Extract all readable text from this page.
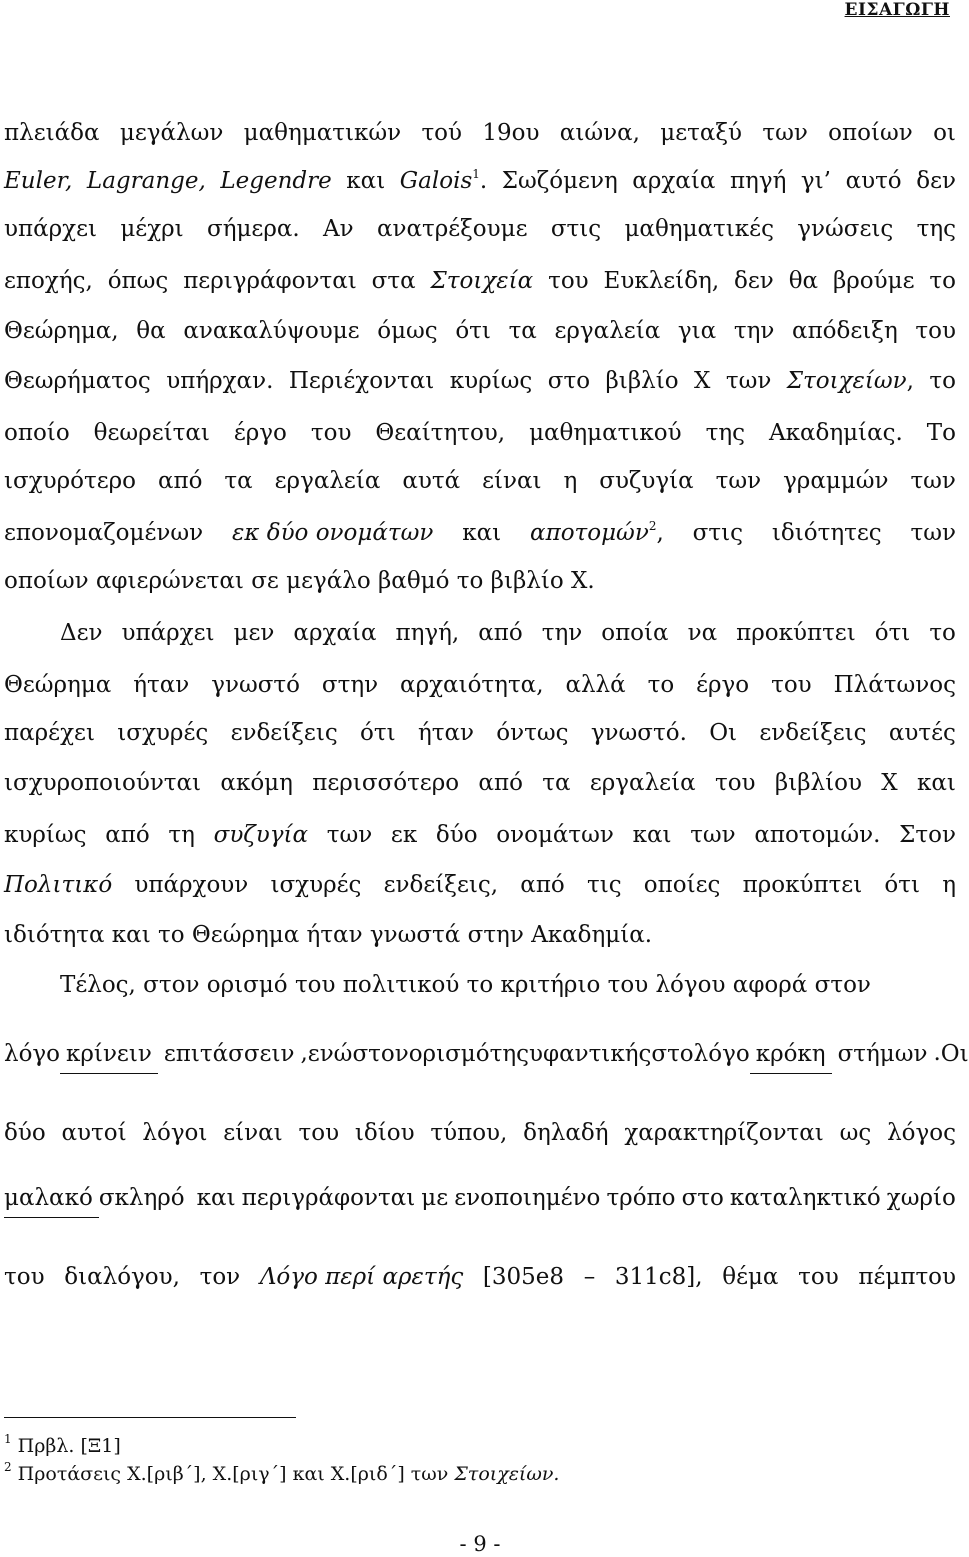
ΕΙΣΑΓΩΓΗ
πλειάδα μεγάλων μαθηματικών τού 19ου αιώνα, μεταξύ των οποίων οι
Euler, Lagrange, Legendre και Galois$^1$. Σωζόμενη αρχαία πηγή γι’ αυτό δεν
υπάρχει μέχρι σήμερα. Αν ανατρέξουμε στις μαθηματικές γνώσεις της
εποχής, όπως περιγράφονται στα Στοιχεία του Ευκλείδη, δεν θα βρούμε το
Θεώρημα, θα ανακαλύψουμε όμως ότι τα εργαλεία για την απόδειξη του
Θεωρήματος υπήρχαν. Περιέχονται κυρίως στο βιβλίο X των Στοιχείων, το
οποίο θεωρείται έργο του Θεαίτητου, μαθηματικού της Ακαδημίας. Το
ισχυρότερο από τα εργαλεία αυτά είναι η συζυγία των γραμμών των
επονομαζομένων εκ δύο ονομάτων και αποτομών$^2$, στις ιδιότητες των
οποίων αφιερώνεται σε μεγάλο βαθμό το βιβλίο X.
Δεν υπάρχει μεν αρχαία πηγή, από την οποία να προκύπτει ότι το
Θεώρημα ήταν γνωστό στην αρχαιότητα, αλλά το έργο του Πλάτωνος
παρέχει ισχυρές ενδείξεις ότι ήταν όντως γνωστό. Οι ενδείξεις αυτές
ισχυροποιούνται ακόμη περισσότερο από τα εργαλεία του βιβλίου X και
κυρίως από τη συζυγία των εκ δύο ονομάτων και των αποτομών. Στον
Πολιτικό υπάρχουν ισχυρές ενδείξεις, από τις οποίες προκύπτει ότι η
ιδιότητα και το Θεώρημα ήταν γνωστά στην Ακαδημία.
Τέλος, στον ορισμό του πολιτικού το κριτήριο του λόγου αφορά στον
λόγο κρίνειν επιτάσσειν , ενώ στον ορισμό της υφαντικής στο λόγο κρόκη στήμων . Οι
δύο αυτοί λόγοι είναι του ιδίου τύπου, δηλαδή χαρακτηρίζονται ως λόγος
μαλακό σκληρό και περιγράφονται με ενοποιημένο τρόπο στο καταληκτικό χωρίο
του διαλόγου, τον Λόγο περί αρετής [305e8 – 311c8], θέμα του πέμπτου
$^1$ Πρβλ. [Ξ1]
$^2$ Προτάσεις X.[ριβ΄], X.[ριγ΄] και X.[ριδ΄] των Στοιχείων.
- 9 -
